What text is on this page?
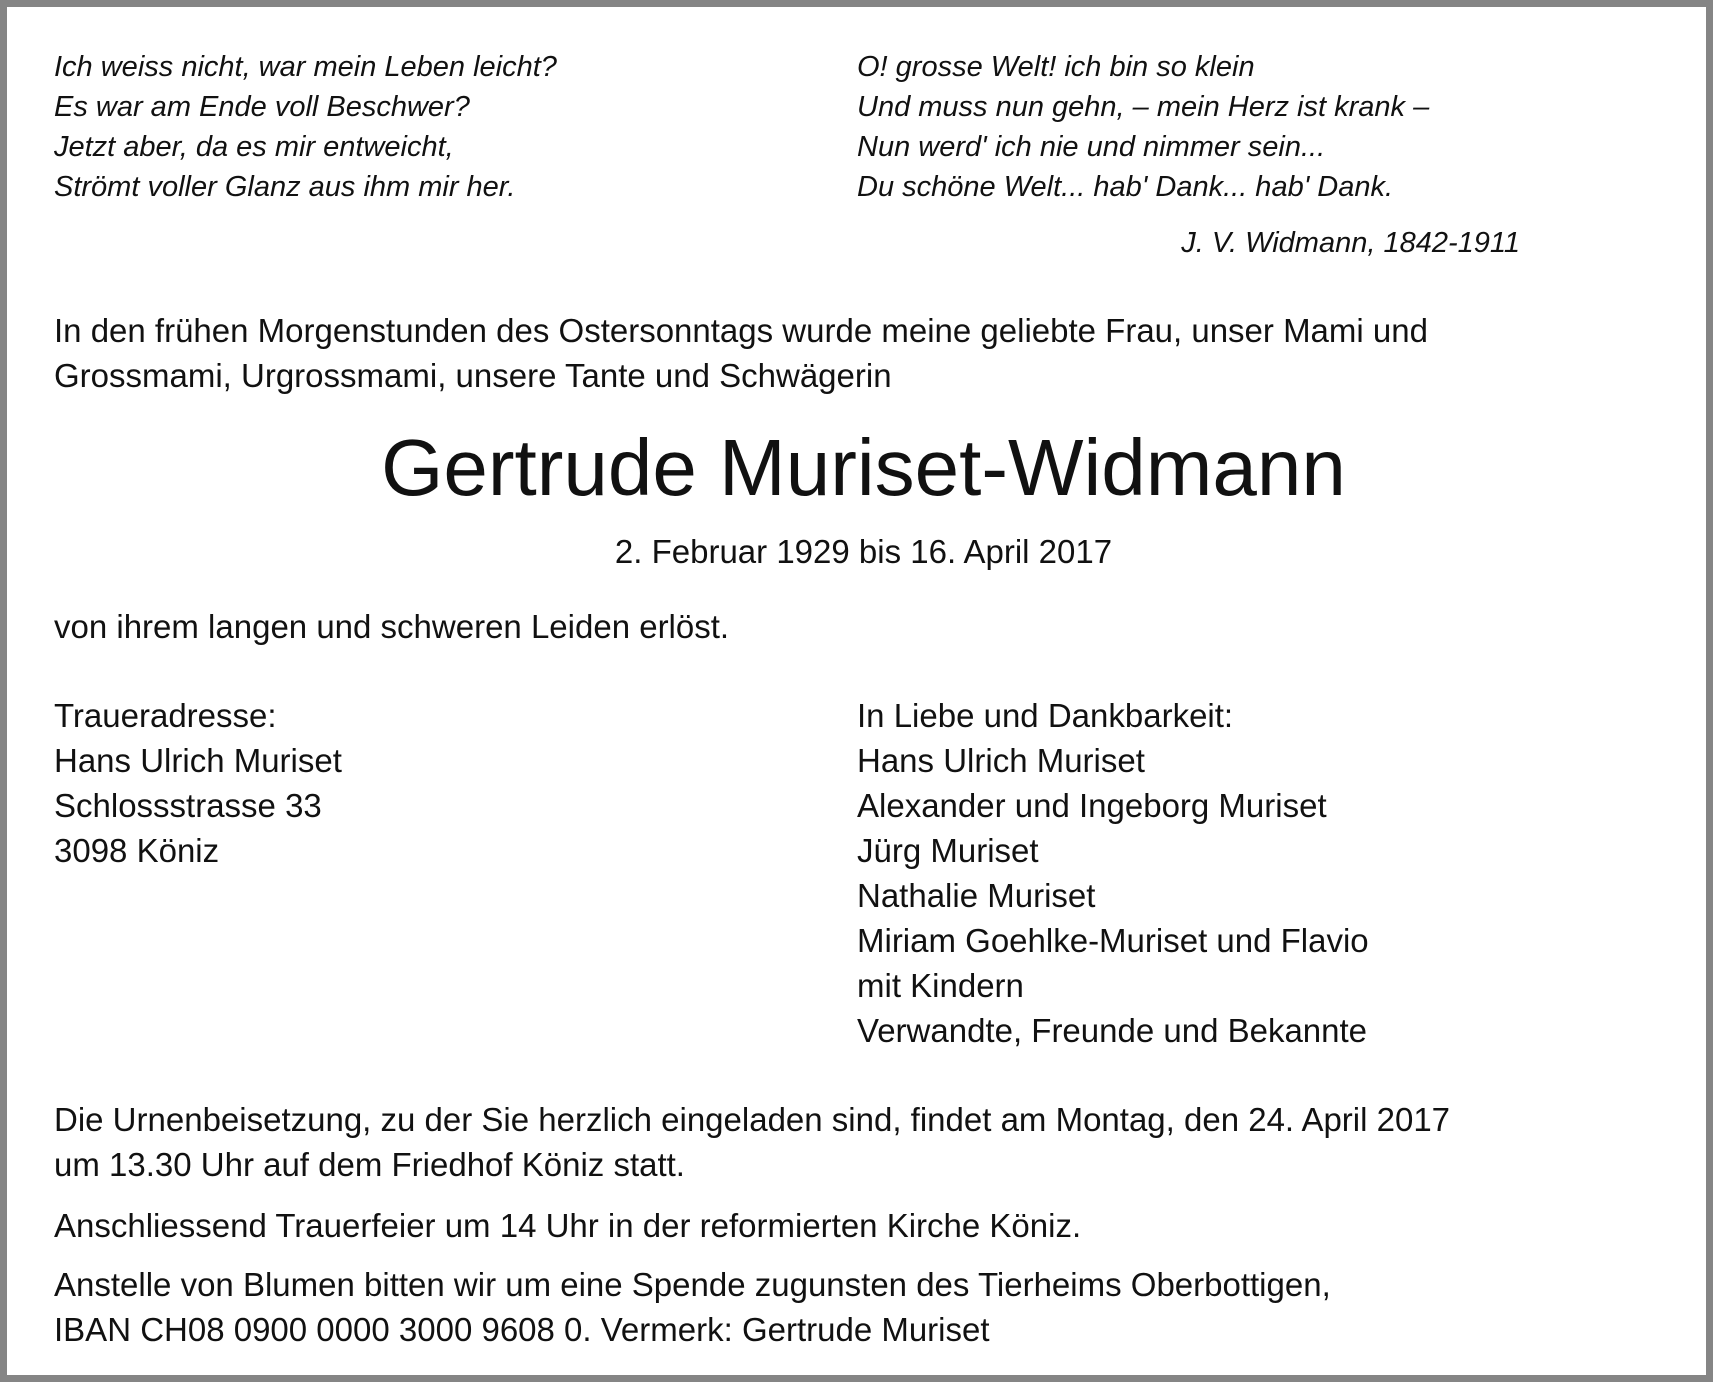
Ich weiss nicht, war mein Leben leicht?
Es war am Ende voll Beschwer?
Jetzt aber, da es mir entweicht,
Strömt voller Glanz aus ihm mir her.
O! grosse Welt! ich bin so klein
Und muss nun gehn, – mein Herz ist krank –
Nun werd' ich nie und nimmer sein...
Du schöne Welt... hab' Dank... hab' Dank.
J. V. Widmann, 1842-1911
In den frühen Morgenstunden des Ostersonntags wurde meine geliebte Frau, unser Mami und
Grossmami, Urgrossmami, unsere Tante und Schwägerin
Gertrude Muriset-Widmann
2. Februar 1929 bis 16. April 2017
von ihrem langen und schweren Leiden erlöst.
Traueradresse:
Hans Ulrich Muriset
Schlossstrasse 33
3098 Köniz
In Liebe und Dankbarkeit:
Hans Ulrich Muriset
Alexander und Ingeborg Muriset
Jürg Muriset
Nathalie Muriset
Miriam Goehlke-Muriset und Flavio
mit Kindern
Verwandte, Freunde und Bekannte
Die Urnenbeisetzung, zu der Sie herzlich eingeladen sind, findet am Montag, den 24. April 2017
um 13.30 Uhr auf dem Friedhof Köniz statt.
Anschliessend Trauerfeier um 14 Uhr in der reformierten Kirche Köniz.
Anstelle von Blumen bitten wir um eine Spende zugunsten des Tierheims Oberbottigen,
IBAN CH08 0900 0000 3000 9608 0. Vermerk: Gertrude Muriset
